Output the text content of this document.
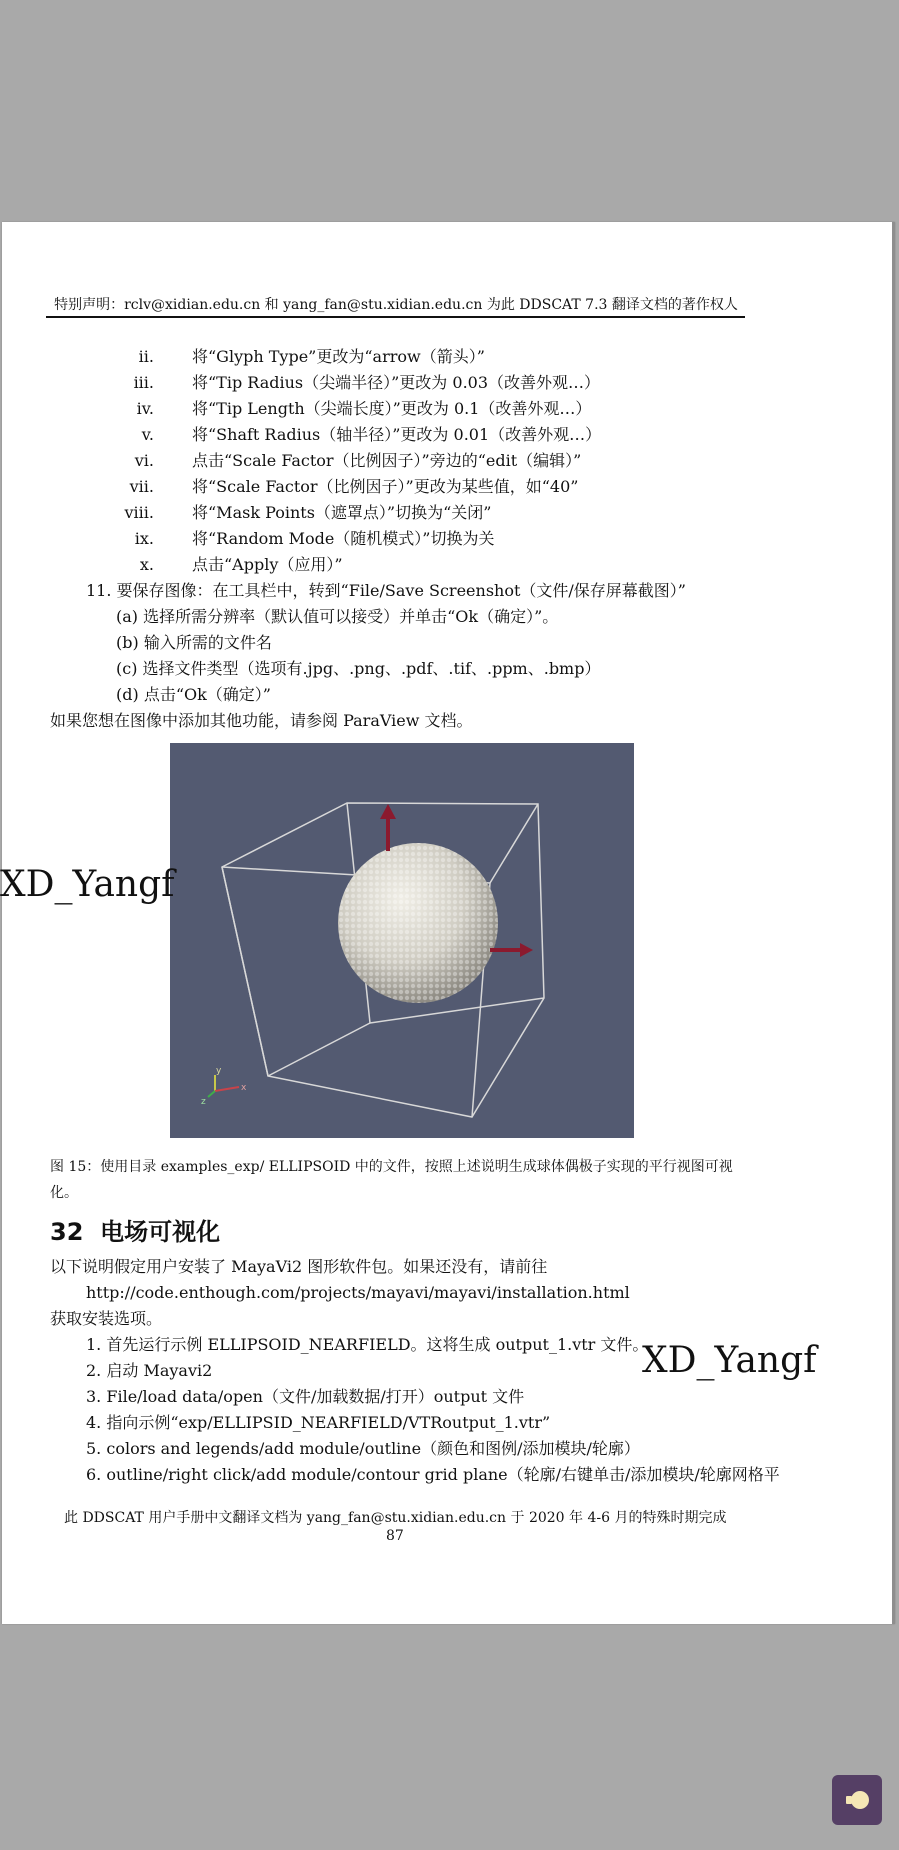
特别声明：rclv@xidian.edu.cn 和 yang_fan@stu.xidian.edu.cn 为此 DDSCAT 7.3 翻译文档的著作权人
ii. 将“Glyph Type”更改为“arrow（箭头）”
iii. 将“Tip Radius（尖端半径）”更改为 0.03（改善外观…）
iv. 将“Tip Length（尖端长度）”更改为 0.1（改善外观…）
v. 将“Shaft Radius（轴半径）”更改为 0.01（改善外观…）
vi. 点击“Scale Factor（比例因子）”旁边的“edit（编辑）”
vii. 将“Scale Factor（比例因子）”更改为某些值，如“40”
viii. 将“Mask Points（遮罩点）”切换为“关闭”
ix. 将“Random Mode（随机模式）”切换为关
x. 点击“Apply（应用）”
11. 要保存图像：在工具栏中，转到“File/Save Screenshot（文件/保存屏幕截图）”
(a) 选择所需分辨率（默认值可以接受）并单击“Ok（确定）”。
(b) 输入所需的文件名
(c) 选择文件类型（选项有.jpg、.png、.pdf、.tif、.ppm、.bmp）
(d) 点击“Ok（确定）”
如果您想在图像中添加其他功能，请参阅 ParaView 文档。
y
x
z
图 15：使用目录 examples_exp/ ELLIPSOID 中的文件，按照上述说明生成球体偶极子实现的平行视图可视化。
32 电场可视化
以下说明假定用户安装了 MayaVi2 图形软件包。如果还没有，请前往
http://code.enthough.com/projects/mayavi/mayavi/installation.html
获取安装选项。
1. 首先运行示例 ELLIPSOID_NEARFIELD。这将生成 output_1.vtr 文件。
2. 启动 Mayavi2
3. File/load data/open（文件/加载数据/打开）output 文件
4. 指向示例“exp/ELLIPSID_NEARFIELD/VTRoutput_1.vtr”
5. colors and legends/add module/outline（颜色和图例/添加模块/轮廓）
6. outline/right click/add module/contour grid plane（轮廓/右键单击/添加模块/轮廓网格平
此 DDSCAT 用户手册中文翻译文档为 yang_fan@stu.xidian.edu.cn 于 2020 年 4-6 月的特殊时期完成
87
XD_Yangf
XD_Yangf
